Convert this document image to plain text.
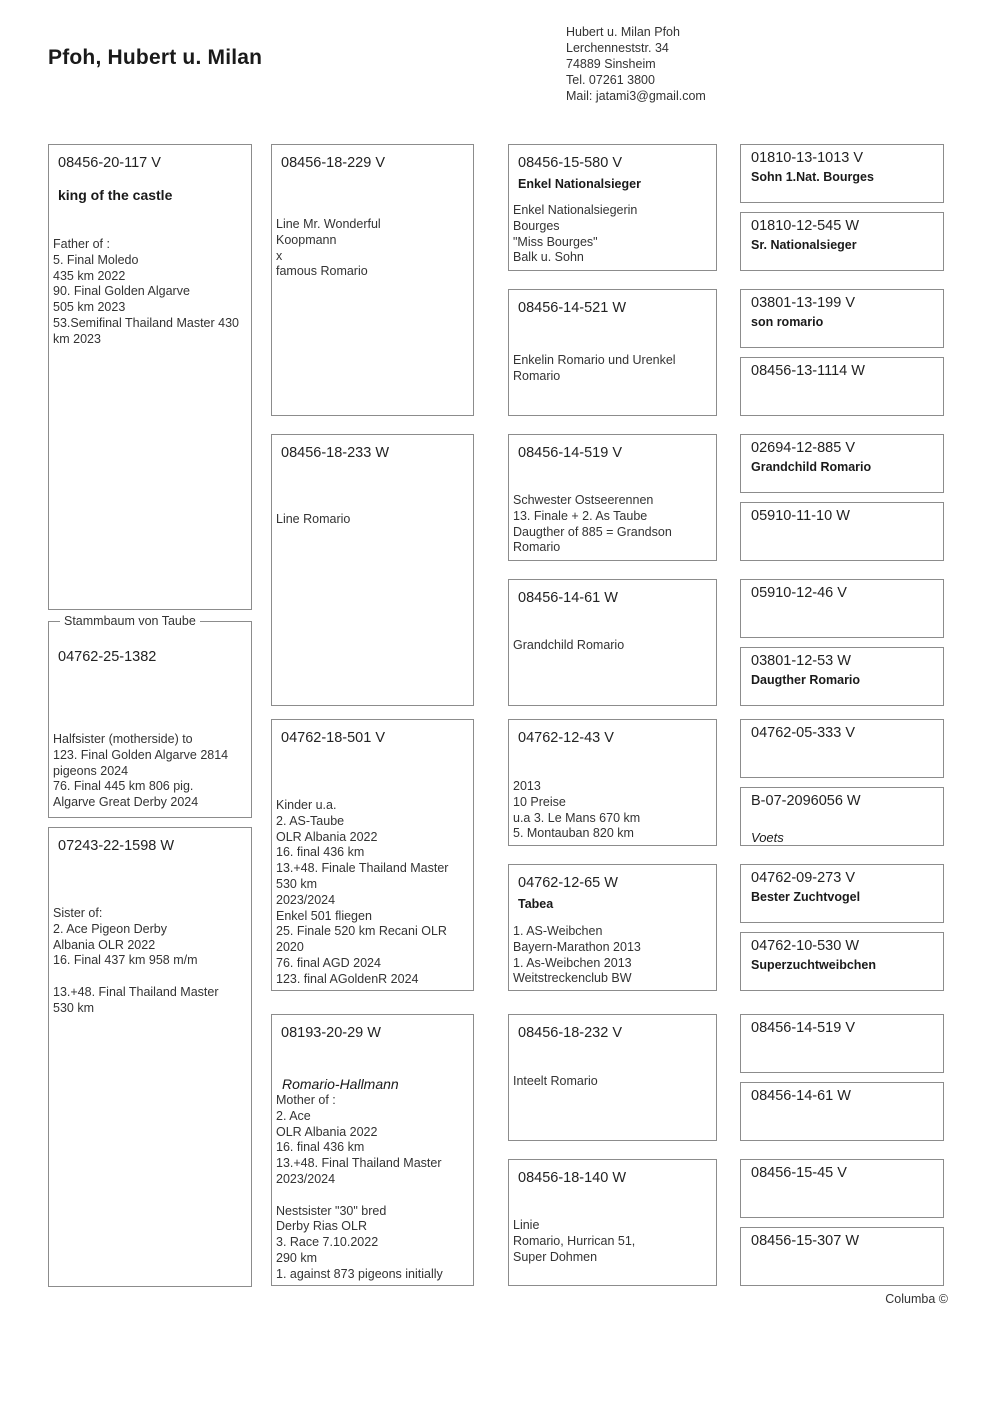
Pfoh, Hubert u. Milan
Hubert u. Milan Pfoh
Lerchenneststr. 34
74889 Sinsheim
Tel. 07261 3800
Mail: jatami3@gmail.com
08456-20-117 V
king of the castle
Father of :
5. Final Moledo
435 km 2022
90. Final Golden Algarve
505 km 2023
53.Semifinal Thailand Master 430 km 2023
04762-25-1382
Halfsister (motherside) to
123. Final Golden Algarve 2814 pigeons 2024
76. Final 445 km 806 pig.
Algarve Great Derby 2024
Stammbaum von Taube
07243-22-1598 W
Sister of:
2. Ace Pigeon Derby
Albania OLR 2022
16. Final 437 km 958 m/m

13.+48. Final Thailand Master
530 km
08456-18-229 V
Line Mr. Wonderful
Koopmann
x
famous Romario
08456-18-233 W
Line Romario
04762-18-501 V
Kinder u.a.
2. AS-Taube
OLR Albania 2022
16. final 436 km
13.+48. Finale Thailand Master
530 km
2023/2024
Enkel 501 fliegen
25. Finale 520 km Recani OLR
2020
76. final AGD 2024
123. final AGoldenR 2024
08193-20-29 W
Romario-Hallmann
Mother of :
2. Ace
OLR Albania 2022
16. final 436 km
13.+48. Final Thailand Master
2023/2024

Nestsister "30" bred
Derby Rias OLR
3. Race 7.10.2022
290 km
1. against 873 pigeons initially
08456-15-580 V
Enkel Nationalsieger
Enkel Nationalsiegerin
Bourges
"Miss Bourges"
Balk u. Sohn
08456-14-521 W
Enkelin Romario und Urenkel
Romario
08456-14-519 V
Schwester Ostseerennen
13. Finale + 2. As Taube
Daugther of 885 = Grandson
Romario
08456-14-61 W
Grandchild Romario
04762-12-43 V
2013
10 Preise
u.a 3. Le Mans 670 km
5. Montauban 820 km
04762-12-65 W
Tabea
1. AS-Weibchen
Bayern-Marathon 2013
1. As-Weibchen 2013
Weitstreckenclub BW
08456-18-232 V
Inteelt Romario
08456-18-140 W
Linie
Romario, Hurrican 51,
Super Dohmen
01810-13-1013 V
Sohn 1.Nat. Bourges
01810-12-545 W
Sr. Nationalsieger
03801-13-199 V
son romario
08456-13-1114 W
02694-12-885 V
Grandchild Romario
05910-11-10 W
05910-12-46 V
03801-12-53 W
Daugther Romario
04762-05-333 V
B-07-2096056 W
Voets
04762-09-273 V
Bester Zuchtvogel
04762-10-530 W
Superzuchtweibchen
08456-14-519 V
08456-14-61 W
08456-15-45 V
08456-15-307 W
Columba ©
